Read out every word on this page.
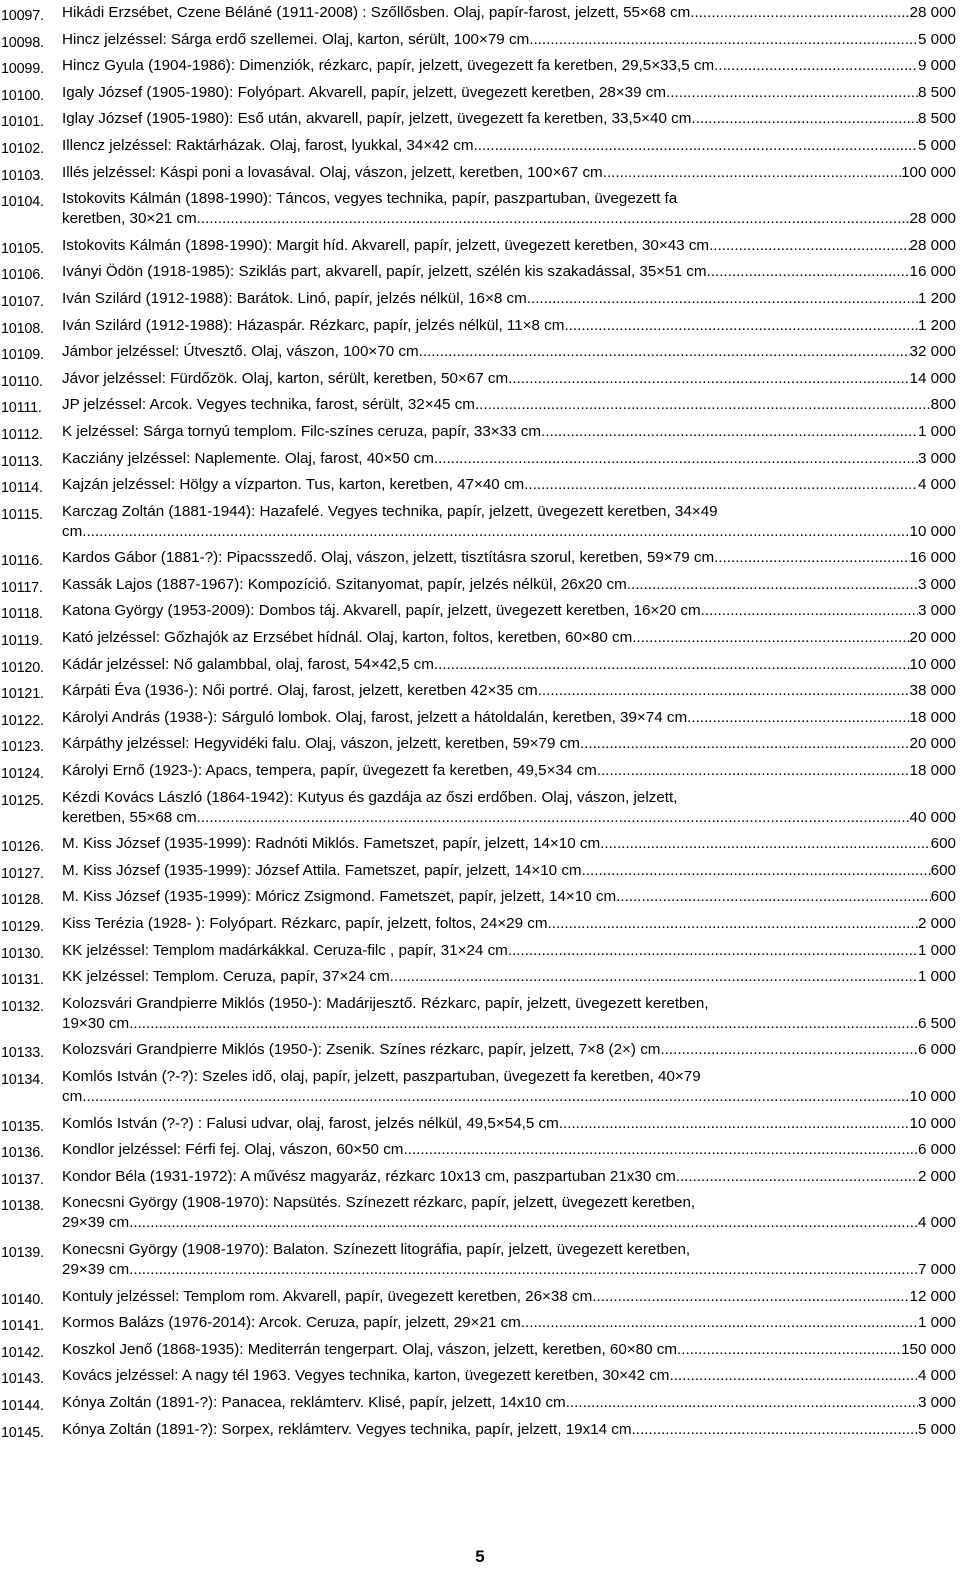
10097. Hikádi Erzsébet, Czene Béláné (1911-2008) : Szőllősben. Olaj, papír-farost, jelzett, 55×68 cm .....	28 000
10098. Hincz jelzéssel: Sárga erdő szellemei. Olaj, karton, sérült, 100×79 cm .....	5 000
10099. Hincz Gyula (1904-1986): Dimenziók, rézkarc, papír, jelzett, üvegezett fa keretben, 29,5×33,5 cm .....	9 000
10100. Igaly József (1905-1980): Folyópart. Akvarell, papír, jelzett, üvegezett keretben, 28×39 cm .....	8 500
10101. Iglay József (1905-1980): Eső után, akvarell, papír, jelzett, üvegezett fa keretben, 33,5×40 cm .....	8 500
10102. Illencz jelzéssel: Raktárházak. Olaj, farost, lyukkal, 34×42 cm .....	5 000
10103. Illés jelzéssel: Káspi poni a lovasával. Olaj, vászon, jelzett, keretben, 100×67 cm .....	100 000
10104. Istokovits Kálmán (1898-1990): Táncos, vegyes technika, papír, paszpartuban, üvegezett fa
keretben, 30×21 cm .....	28 000
10105. Istokovits Kálmán (1898-1990): Margit híd. Akvarell, papír, jelzett, üvegezett keretben, 30×43 cm .....	28 000
10106. Iványi Ödön (1918-1985): Sziklás part, akvarell, papír, jelzett, szélén kis szakadással, 35×51 cm .....	16 000
10107. Iván Szilárd (1912-1988): Barátok. Linó, papír, jelzés nélkül, 16×8 cm .....	1 200
10108. Iván Szilárd (1912-1988): Házaspár. Rézkarc, papír, jelzés nélkül, 11×8 cm .....	1 200
10109. Jámbor jelzéssel: Útvesztő. Olaj, vászon, 100×70 cm .....	32 000
10110. Jávor jelzéssel: Fürdőzök. Olaj, karton, sérült, keretben, 50×67 cm .....	14 000
10111. JP jelzéssel: Arcok. Vegyes technika, farost, sérült, 32×45 cm .....	800
10112. K jelzéssel: Sárga tornyú templom. Filc-színes ceruza, papír, 33×33 cm .....	1 000
10113. Kacziány jelzéssel: Naplemente. Olaj, farost, 40×50 cm .....	3 000
10114. Kajzán jelzéssel: Hölgy a vízparton. Tus, karton, keretben, 47×40 cm .....	4 000
10115. Karczag Zoltán (1881-1944): Hazafelé. Vegyes technika, papír, jelzett, üvegezett keretben, 34×49
cm .....	10 000
10116. Kardos Gábor (1881-?): Pipacsszedő. Olaj, vászon, jelzett, tisztításra szorul, keretben, 59×79 cm .....	16 000
10117. Kassák Lajos (1887-1967): Kompozíció. Szitanyomat, papír, jelzés nélkül, 26x20 cm .....	3 000
10118. Katona György (1953-2009): Dombos táj. Akvarell, papír, jelzett, üvegezett keretben, 16×20 cm .....	3 000
10119. Kató jelzéssel: Gőzhajók az Erzsébet hídnál. Olaj, karton, foltos, keretben, 60×80 cm .....	20 000
10120. Kádár jelzéssel: Nő galambbal, olaj, farost, 54×42,5 cm .....	10 000
10121. Kárpáti Éva (1936-): Női portré. Olaj, farost, jelzett, keretben 42×35 cm .....	38 000
10122. Károlyi András (1938-): Sárguló lombok. Olaj, farost, jelzett a hátoldalán, keretben, 39×74 cm .....	18 000
10123. Kárpáthy jelzéssel: Hegyvidéki falu. Olaj, vászon, jelzett, keretben, 59×79 cm .....	20 000
10124. Károlyi Ernő (1923-): Apacs, tempera, papír, üvegezett fa keretben, 49,5×34 cm .....	18 000
10125. Kézdi Kovács László (1864-1942): Kutyus és gazdája az őszi erdőben. Olaj, vászon, jelzett,
keretben, 55×68 cm .....	40 000
10126. M. Kiss József (1935-1999): Radnóti Miklós. Fametszet, papír, jelzett, 14×10 cm .....	600
10127. M. Kiss József (1935-1999): József Attila. Fametszet, papír, jelzett, 14×10 cm .....	600
10128. M. Kiss József (1935-1999): Móricz Zsigmond. Fametszet, papír, jelzett, 14×10 cm .....	600
10129. Kiss Terézia (1928- ): Folyópart. Rézkarc, papír, jelzett, foltos, 24×29 cm .....	2 000
10130. KK jelzéssel: Templom madárkákkal. Ceruza-filc , papír, 31×24 cm .....	1 000
10131. KK jelzéssel: Templom. Ceruza, papír, 37×24 cm .....	1 000
10132. Kolozsvári Grandpierre Miklós (1950-): Madárijesztő. Rézkarc, papír, jelzett, üvegezett keretben,
19×30 cm .....	6 500
10133. Kolozsvári Grandpierre Miklós (1950-): Zsenik. Színes rézkarc, papír, jelzett, 7×8 (2×) cm .....	6 000
10134. Komlós István (?-?): Szeles idő, olaj, papír, jelzett, paszpartuban, üvegezett fa keretben, 40×79
cm .....	10 000
10135. Komlós István (?-?) : Falusi udvar, olaj, farost, jelzés nélkül, 49,5×54,5 cm .....	10 000
10136. Kondlor jelzéssel: Férfi fej. Olaj, vászon, 60×50 cm .....	6 000
10137. Kondor Béla (1931-1972): A művész magyaráz, rézkarc 10x13 cm, paszpartuban 21x30 cm .....	2 000
10138. Konecsni György (1908-1970): Napsütés. Színezett rézkarc, papír, jelzett, üvegezett keretben,
29×39 cm .....	4 000
10139. Konecsni György (1908-1970): Balaton. Színezett litográfia, papír, jelzett, üvegezett keretben,
29×39 cm .....	7 000
10140. Kontuly jelzéssel: Templom rom. Akvarell, papír, üvegezett keretben, 26×38 cm .....	12 000
10141. Kormos Balázs (1976-2014): Arcok. Ceruza, papír, jelzett, 29×21 cm .....	1 000
10142. Koszkol Jenő (1868-1935): Mediterrán tengerpart. Olaj, vászon, jelzett, keretben, 60×80 cm .....	150 000
10143. Kovács jelzéssel: A nagy tél 1963. Vegyes technika, karton, üvegezett keretben, 30×42 cm .....	4 000
10144. Kónya Zoltán (1891-?): Panacea, reklámterv. Klisé, papír, jelzett, 14x10 cm .....	3 000
10145. Kónya Zoltán (1891-?): Sorpex, reklámterv. Vegyes technika, papír, jelzett, 19x14 cm .....	5 000
5
